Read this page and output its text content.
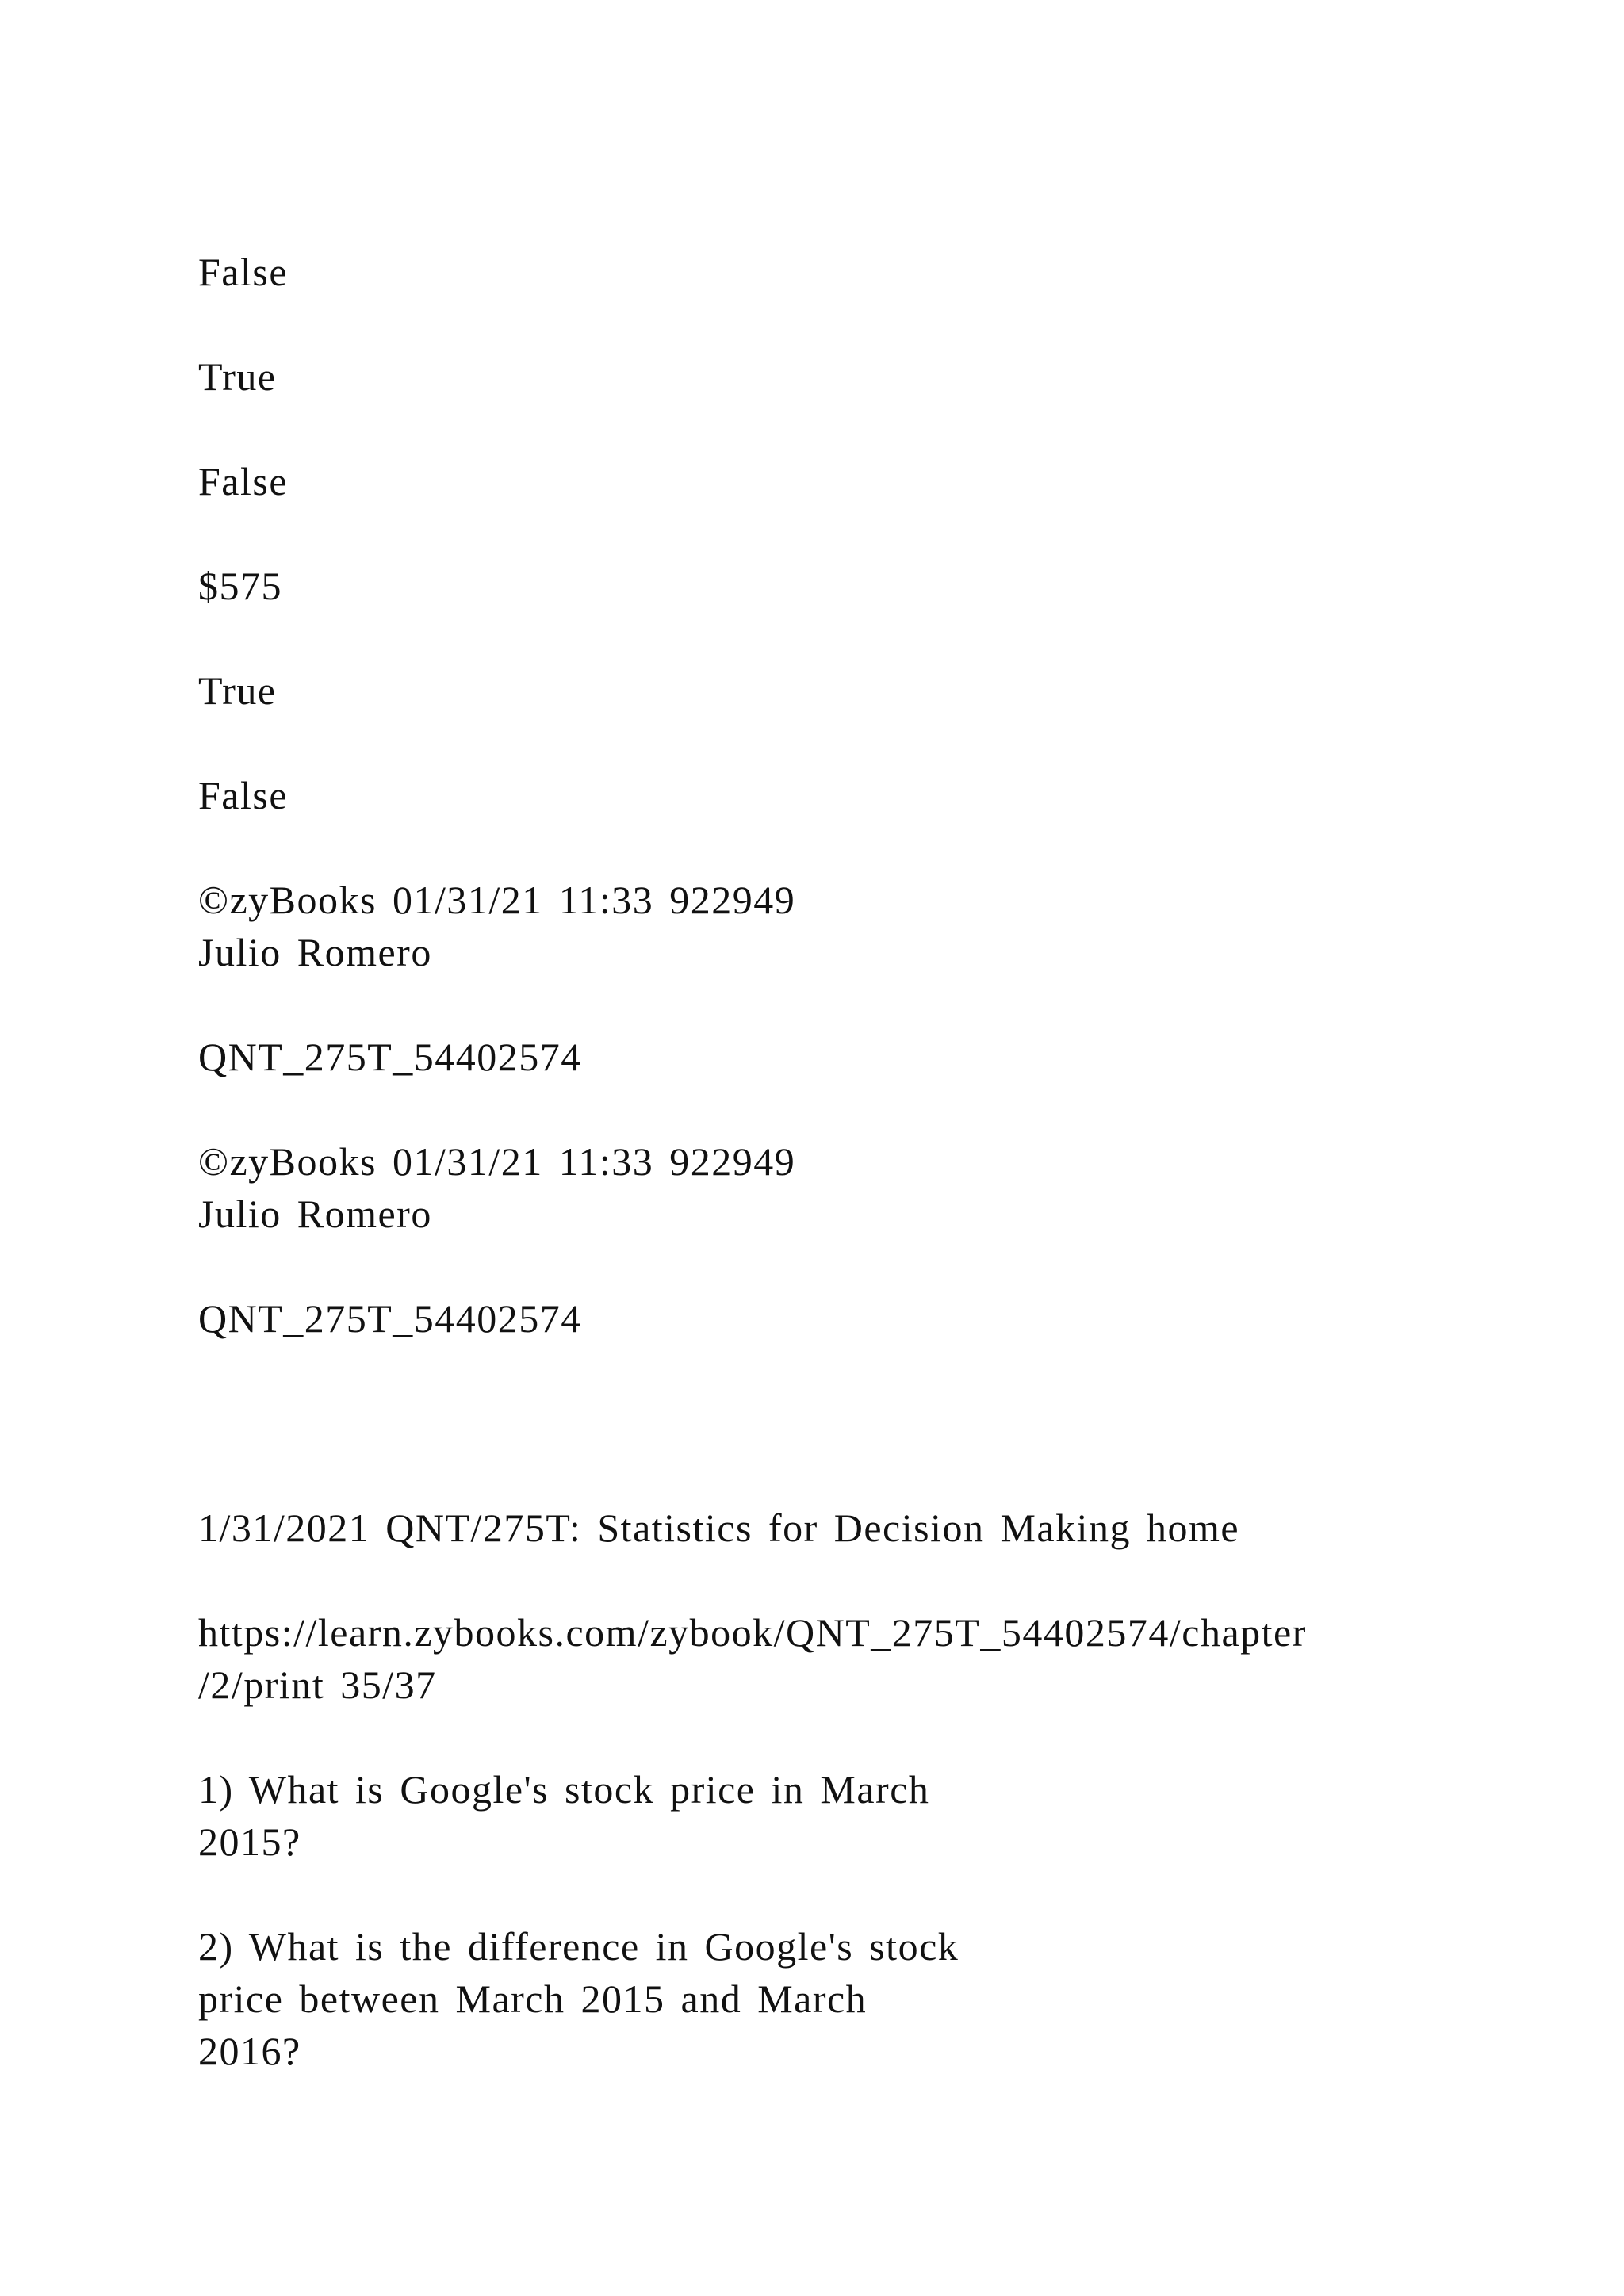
False
True
False
$575
True
False
©zyBooks 01/31/21 11:33 922949
Julio Romero
QNT_275T_54402574
©zyBooks 01/31/21 11:33 922949
Julio Romero
QNT_275T_54402574
1/31/2021 QNT/275T: Statistics for Decision Making home
https://learn.zybooks.com/zybook/QNT_275T_54402574/chapter
/2/print 35/37
1) What is Google's stock price in March
2015?
2) What is the difference in Google's stock
price between March 2015 and March
2016?
